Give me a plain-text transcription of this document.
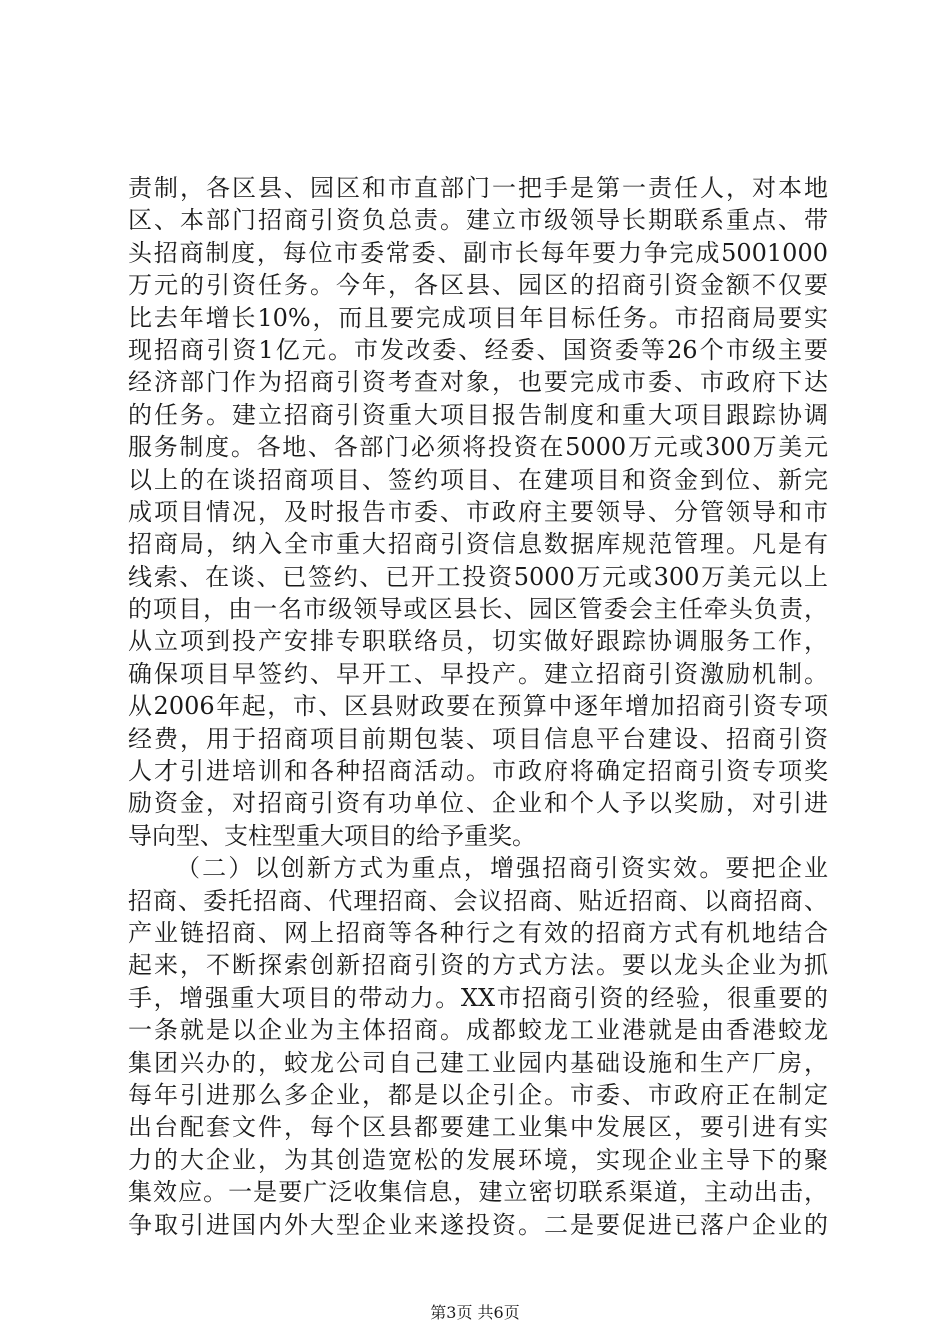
责制，各区县、园区和市直部门一把手是第一责任人，对本地
区、本部门招商引资负总责。建立市级领导长期联系重点、带
头招商制度，每位市委常委、副市长每年要力争完成5001000
万元的引资任务。今年，各区县、园区的招商引资金额不仅要
比去年增长10%，而且要完成项目年目标任务。市招商局要实
现招商引资1亿元。市发改委、经委、国资委等26个市级主要
经济部门作为招商引资考查对象，也要完成市委、市政府下达
的任务。建立招商引资重大项目报告制度和重大项目跟踪协调
服务制度。各地、各部门必须将投资在5000万元或300万美元
以上的在谈招商项目、签约项目、在建项目和资金到位、新完
成项目情况，及时报告市委、市政府主要领导、分管领导和市
招商局，纳入全市重大招商引资信息数据库规范管理。凡是有
线索、在谈、已签约、已开工投资5000万元或300万美元以上
的项目，由一名市级领导或区县长、园区管委会主任牵头负责，
从立项到投产安排专职联络员，切实做好跟踪协调服务工作，
确保项目早签约、早开工、早投产。建立招商引资激励机制。
从2006年起，市、区县财政要在预算中逐年增加招商引资专项
经费，用于招商项目前期包装、项目信息平台建设、招商引资
人才引进培训和各种招商活动。市政府将确定招商引资专项奖
励资金，对招商引资有功单位、企业和个人予以奖励，对引进
导向型、支柱型重大项目的给予重奖。
（二）以创新方式为重点，增强招商引资实效。要把企业
招商、委托招商、代理招商、会议招商、贴近招商、以商招商、
产业链招商、网上招商等各种行之有效的招商方式有机地结合
起来，不断探索创新招商引资的方式方法。要以龙头企业为抓
手，增强重大项目的带动力。XX市招商引资的经验，很重要的
一条就是以企业为主体招商。成都蛟龙工业港就是由香港蛟龙
集团兴办的，蛟龙公司自己建工业园内基础设施和生产厂房，
每年引进那么多企业，都是以企引企。市委、市政府正在制定
出台配套文件，每个区县都要建工业集中发展区，要引进有实
力的大企业，为其创造宽松的发展环境，实现企业主导下的聚
集效应。一是要广泛收集信息，建立密切联系渠道，主动出击，
争取引进国内外大型企业来遂投资。二是要促进已落户企业的
第3页 共6页
